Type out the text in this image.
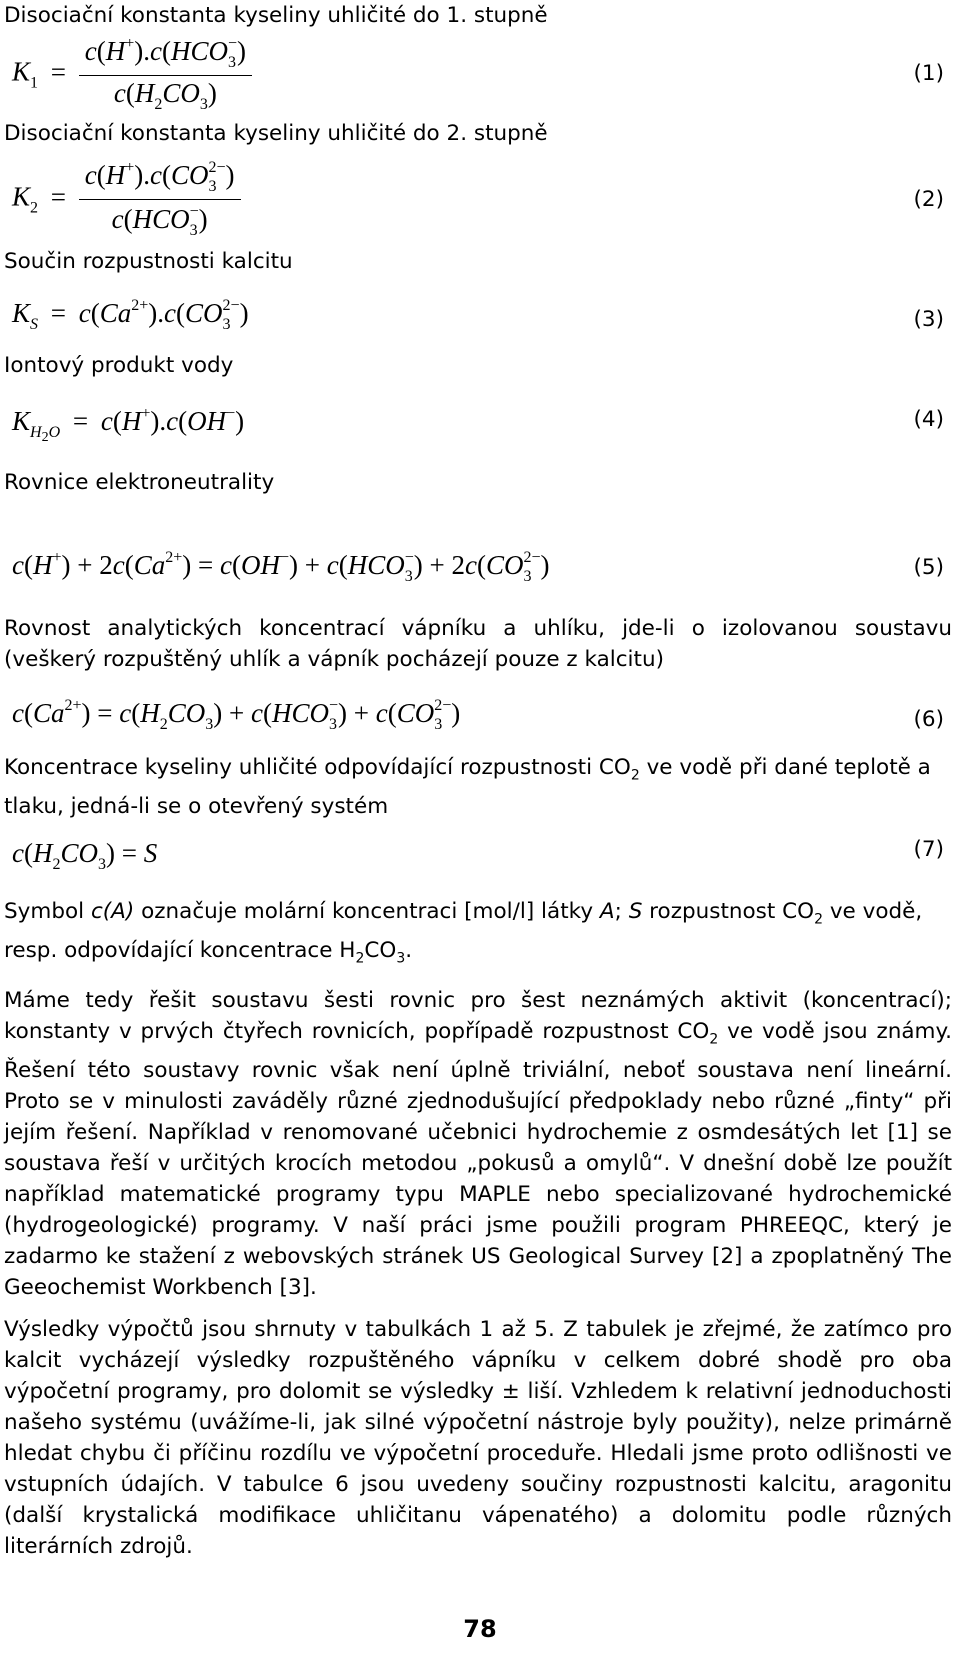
Disociační konstanta kyseliny uhličité do 1. stupně
$K_1 = \frac{c(H^+).c(HCO_3^-)}{c(H_2CO_3)}$	(1)
Disociační konstanta kyseliny uhličité do 2. stupně
$K_2 = \frac{c(H^+).c(CO_3^{2-})}{c(HCO_3^-)}$	(2)
Součin rozpustnosti kalcitu
$K_S = c(Ca^{2+}).c(CO_3^{2-})$	(3)
Iontový produkt vody
$K_{H2O} = c(H^+).c(OH^-)$	(4)
Rovnice elektroneutrality
$c(H^+) + 2c(Ca^{2+}) = c(OH^-) + c(HCO_3^-) + 2c(CO_3^{2-})$	(5)
Rovnost analytických koncentrací vápníku a uhlíku, jde-li o izolovanou soustavu (veškerý rozpuštěný uhlík a vápník pocházejí pouze z kalcitu)
$c(Ca^{2+}) = c(H_2CO_3) + c(HCO_3^-) + c(CO_3^{2-})$	(6)
Koncentrace kyseliny uhličité odpovídající rozpustnosti $CO_2$ ve vodě při dané teplotě a tlaku, jedná-li se o otevřený systém
$c(H_2CO_3) = S$	(7)
Symbol c(A) označuje molární koncentraci [mol/l] látky A; S rozpustnost $CO_2$ ve vodě, resp. odpovídající koncentrace $H_2CO_3$.
Máme tedy řešit soustavu šesti rovnic pro šest neznámých aktivit (koncentrací); konstanty v prvých čtyřech rovnicích, popřípadě rozpustnost $CO_2$ ve vodě jsou známy. Řešení této soustavy rovnic však není úplně triviální, neboť soustava není lineární. Proto se v minulosti zaváděly různé zjednodušující předpoklady nebo různé „finty“ při jejím řešení. Například v renomované učebnici hydrochemie z osmdesátých let [1] se soustava řeší v určitých krocích metodou „pokusů a omylů“. V dnešní době lze použít například matematické programy typu MAPLE nebo specializované hydrochemické (hydrogeologické) programy. V naší práci jsme použili program PHREEQC, který je zadarmo ke stažení z webovských stránek US Geological Survey [2] a zpoplatněný The Geeochemist Workbench [3].
Výsledky výpočtů jsou shrnuty v tabulkách 1 až 5. Z tabulek je zřejmé, že zatímco pro kalcit vycházejí výsledky rozpuštěného vápníku v celkem dobré shodě pro oba výpočetní programy, pro dolomit se výsledky ± liší. Vzhledem k relativní jednoduchosti našeho systému (uvážíme-li, jak silné výpočetní nástroje byly použity), nelze primárně hledat chybu či příčinu rozdílu ve výpočetní proceduře. Hledali jsme proto odlišnosti ve vstupních údajích. V tabulce 6 jsou uvedeny součiny rozpustnosti kalcitu, aragonitu (další krystalická modifikace uhličitanu vápenatého) a dolomitu podle různých literárních zdrojů.
78
